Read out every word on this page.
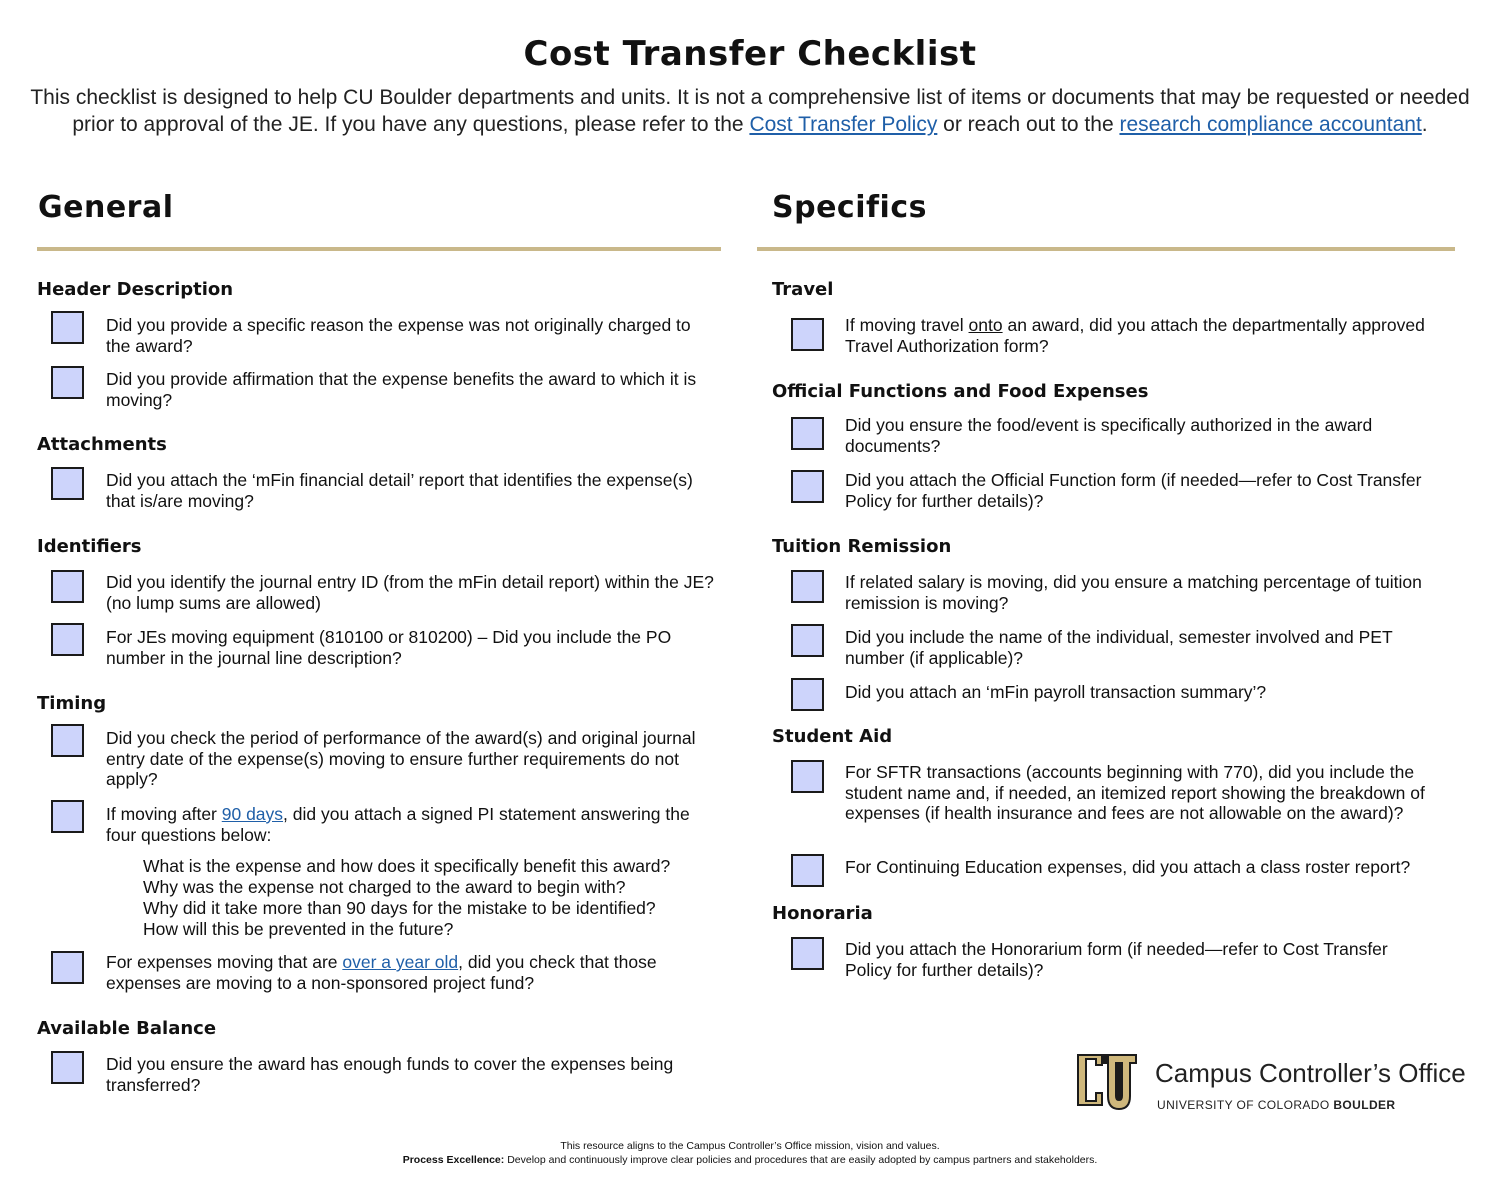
Cost Transfer Checklist
This checklist is designed to help CU Boulder departments and units. It is not a comprehensive list of items or documents that may be requested or needed prior to approval of the JE. If you have any questions, please refer to the Cost Transfer Policy or reach out to the research compliance accountant.
General
Header Description
Did you provide a specific reason the expense was not originally charged to the award?
Did you provide affirmation that the expense benefits the award to which it is moving?
Attachments
Did you attach the ‘mFin financial detail’ report that identifies the expense(s) that is/are moving?
Identifiers
Did you identify the journal entry ID (from the mFin detail report) within the JE? (no lump sums are allowed)
For JEs moving equipment (810100 or 810200) – Did you include the PO number in the journal line description?
Timing
Did you check the period of performance of the award(s) and original journal entry date of the expense(s) moving to ensure further requirements do not apply?
If moving after 90 days, did you attach a signed PI statement answering the four questions below:
What is the expense and how does it specifically benefit this award?
Why was the expense not charged to the award to begin with?
Why did it take more than 90 days for the mistake to be identified?
How will this be prevented in the future?
For expenses moving that are over a year old, did you check that those expenses are moving to a non-sponsored project fund?
Available Balance
Did you ensure the award has enough funds to cover the expenses being transferred?
Specifics
Travel
If moving travel onto an award, did you attach the departmentally approved Travel Authorization form?
Official Functions and Food Expenses
Did you ensure the food/event is specifically authorized in the award documents?
Did you attach the Official Function form (if needed—refer to Cost Transfer Policy for further details)?
Tuition Remission
If related salary is moving, did you ensure a matching percentage of tuition remission is moving?
Did you include the name of the individual, semester involved and PET number (if applicable)?
Did you attach an ‘mFin payroll transaction summary’?
Student Aid
For SFTR transactions (accounts beginning with 770), did you include the student name and, if needed, an itemized report showing the breakdown of expenses (if health insurance and fees are not allowable on the award)?
For Continuing Education expenses, did you attach a class roster report?
Honoraria
Did you attach the Honorarium form (if needed—refer to Cost Transfer Policy for further details)?
Campus Controller’s Office
UNIVERSITY OF COLORADO BOULDER
This resource aligns to the Campus Controller’s Office mission, vision and values.
Process Excellence: Develop and continuously improve clear policies and procedures that are easily adopted by campus partners and stakeholders.
